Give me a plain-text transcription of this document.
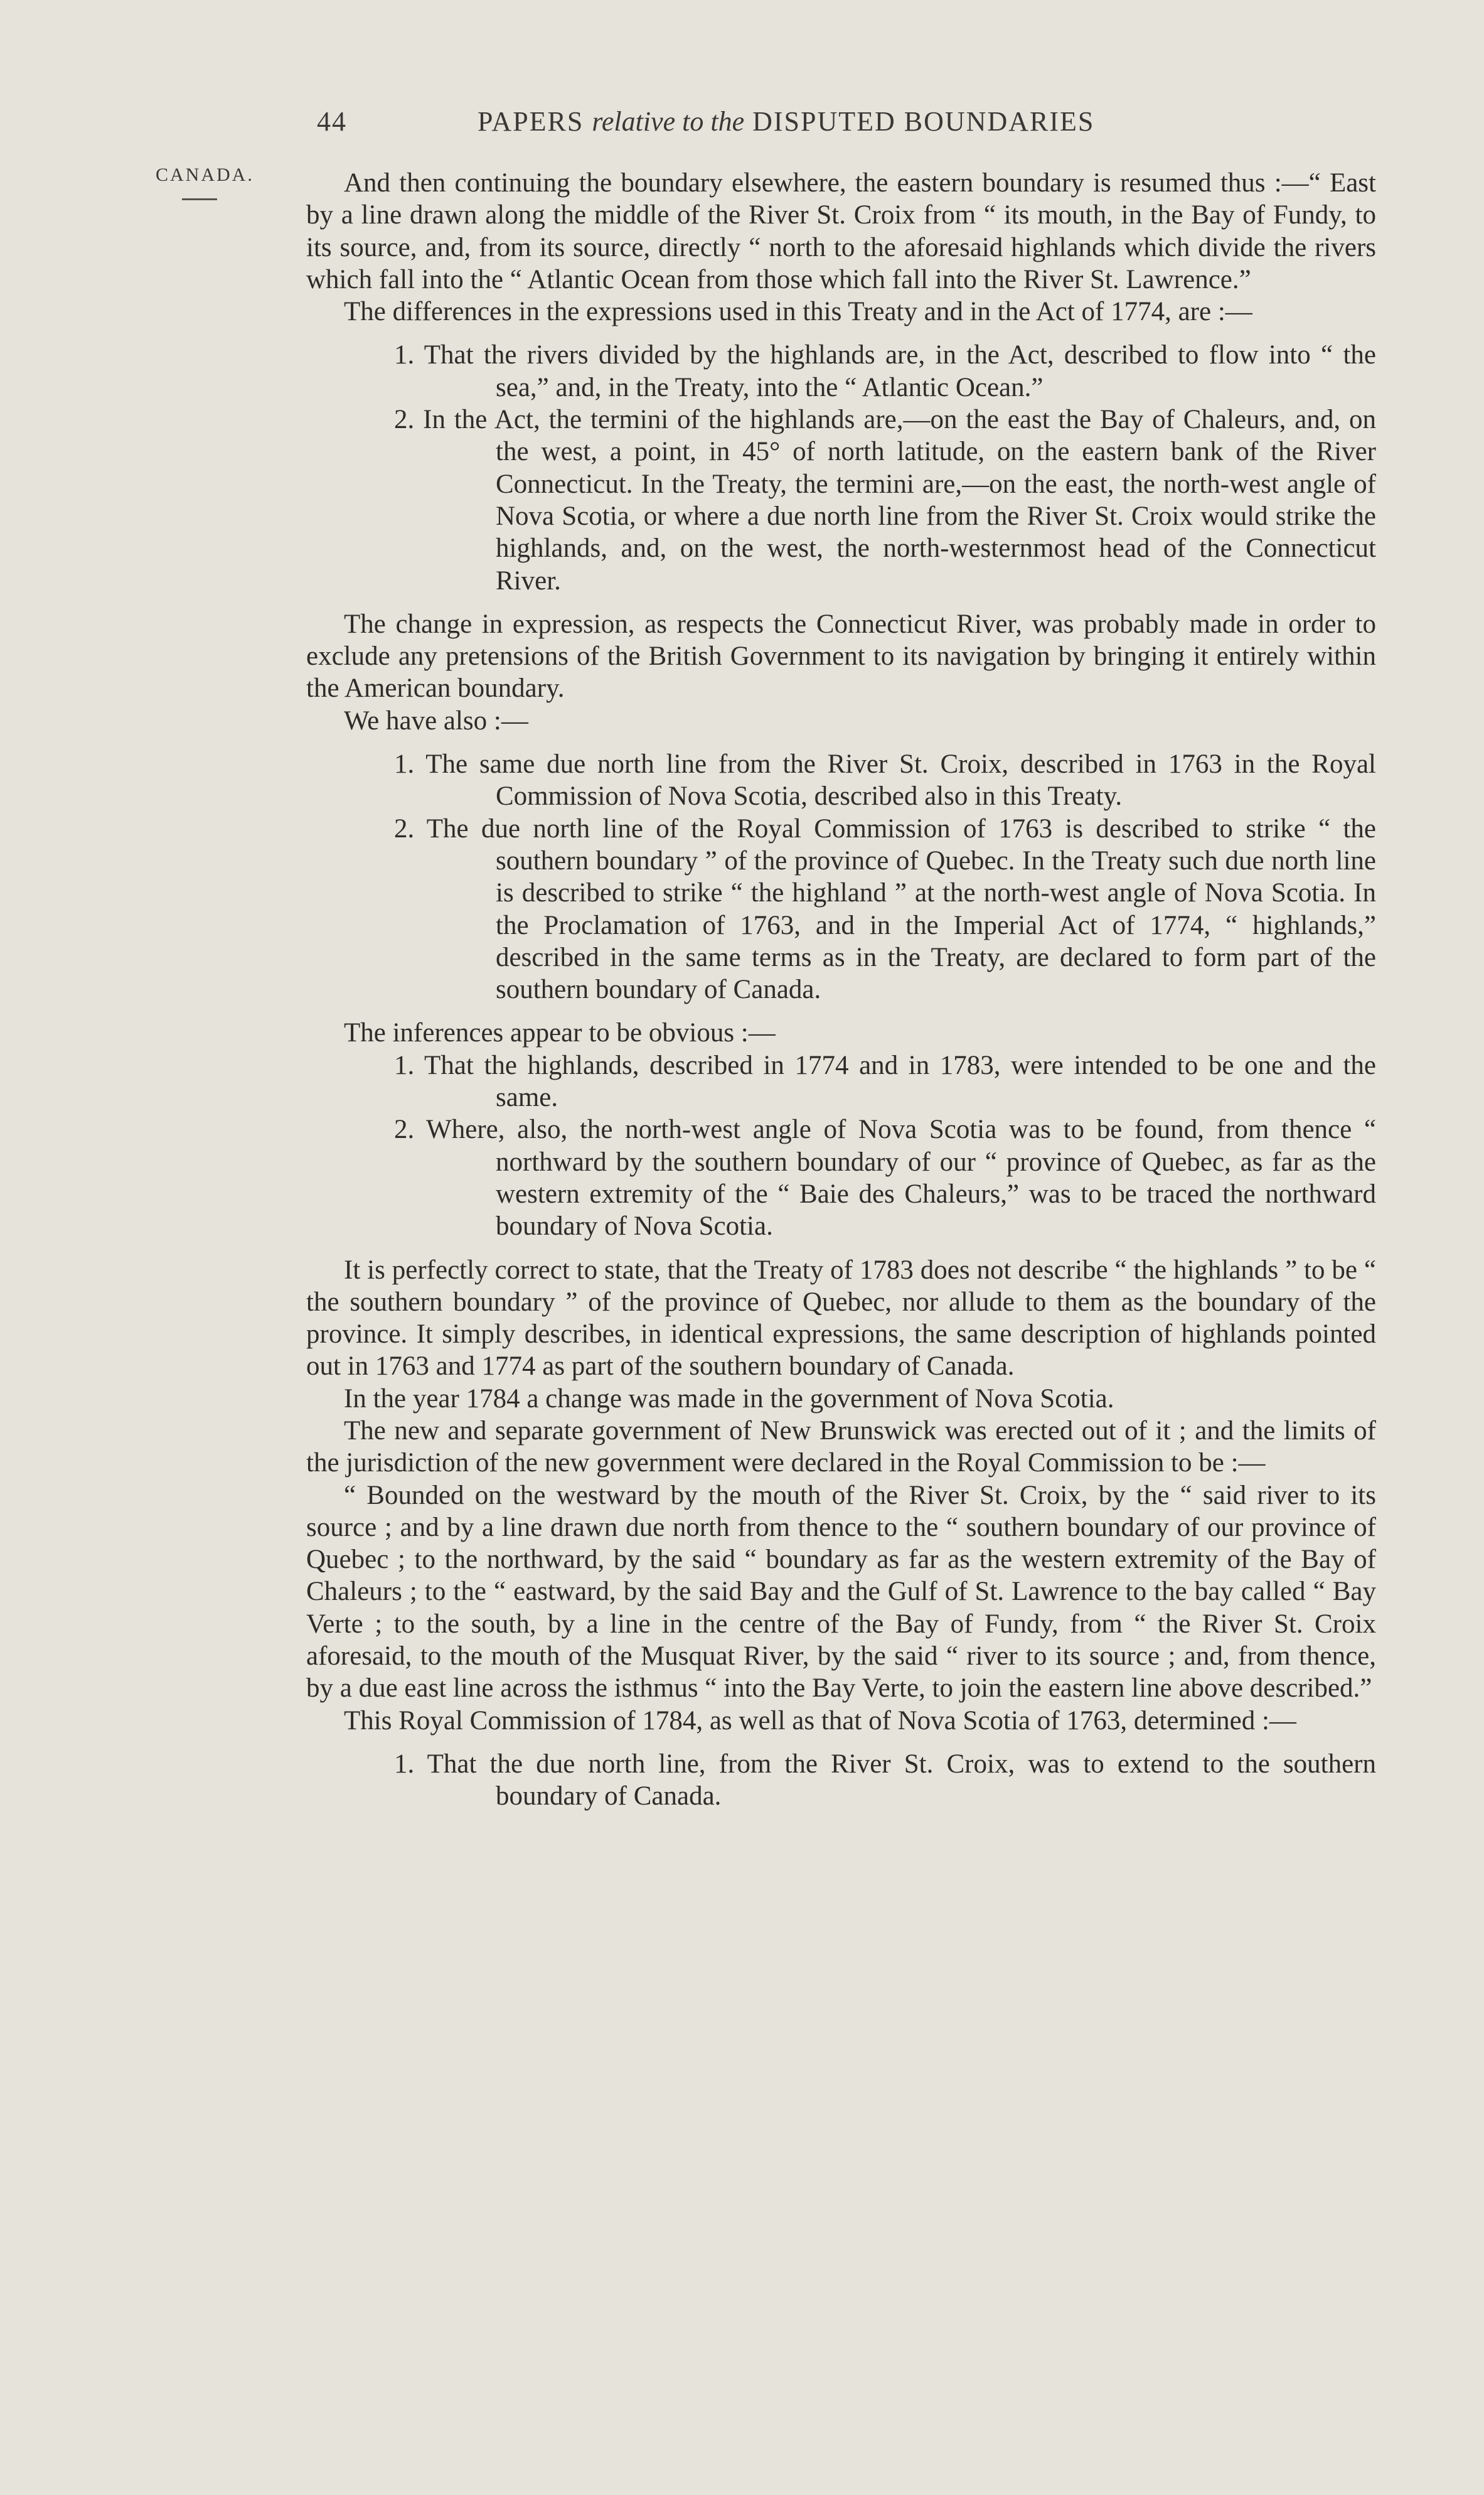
44	PAPERS relative to the DISPUTED BOUNDARIES
CANADA.	And then continuing the boundary elsewhere, the eastern boundary is resumed thus :—“ East by a line drawn along the middle of the River St. Croix from “ its mouth, in the Bay of Fundy, to its source, and, from its source, directly “ north to the aforesaid highlands which divide the rivers which fall into the “ Atlantic Ocean from those which fall into the River St. Lawrence.”

The differences in the expressions used in this Treaty and in the Act of 1774, are :—

1. That the rivers divided by the highlands are, in the Act, described to flow into “ the sea,” and, in the Treaty, into the “ Atlantic Ocean.”

2. In the Act, the termini of the highlands are,—on the east the Bay of Chaleurs, and, on the west, a point, in 45° of north latitude, on the eastern bank of the River Connecticut. In the Treaty, the termini are,—on the east, the north-west angle of Nova Scotia, or where a due north line from the River St. Croix would strike the highlands, and, on the west, the north-westernmost head of the Connecticut River.

The change in expression, as respects the Connecticut River, was probably made in order to exclude any pretensions of the British Government to its navigation by bringing it entirely within the American boundary.

We have also :—

1. The same due north line from the River St. Croix, described in 1763 in the Royal Commission of Nova Scotia, described also in this Treaty.

2. The due north line of the Royal Commission of 1763 is described to strike “ the southern boundary ” of the province of Quebec. In the Treaty such due north line is described to strike “ the highland ” at the north-west angle of Nova Scotia. In the Proclamation of 1763, and in the Imperial Act of 1774, “ highlands,” described in the same terms as in the Treaty, are declared to form part of the southern boundary of Canada.

The inferences appear to be obvious :—

1. That the highlands, described in 1774 and in 1783, were intended to be one and the same.

2. Where, also, the north-west angle of Nova Scotia was to be found, from thence “ northward by the southern boundary of our “ province of Quebec, as far as the western extremity of the “ Baie des Chaleurs,” was to be traced the northward boundary of Nova Scotia.

It is perfectly correct to state, that the Treaty of 1783 does not describe “ the highlands ” to be “ the southern boundary ” of the province of Quebec, nor allude to them as the boundary of the province. It simply describes, in identical expressions, the same description of highlands pointed out in 1763 and 1774 as part of the southern boundary of Canada.

In the year 1784 a change was made in the government of Nova Scotia.

The new and separate government of New Brunswick was erected out of it ; and the limits of the jurisdiction of the new government were declared in the Royal Commission to be :—

“ Bounded on the westward by the mouth of the River St. Croix, by the “ said river to its source ; and by a line drawn due north from thence to the “ southern boundary of our province of Quebec ; to the northward, by the said “ boundary as far as the western extremity of the Bay of Chaleurs ; to the “ eastward, by the said Bay and the Gulf of St. Lawrence to the bay called “ Bay Verte ; to the south, by a line in the centre of the Bay of Fundy, from “ the River St. Croix aforesaid, to the mouth of the Musquat River, by the said “ river to its source ; and, from thence, by a due east line across the isthmus “ into the Bay Verte, to join the eastern line above described.”

This Royal Commission of 1784, as well as that of Nova Scotia of 1763, determined :—

1. That the due north line, from the River St. Croix, was to extend to the southern boundary of Canada.
